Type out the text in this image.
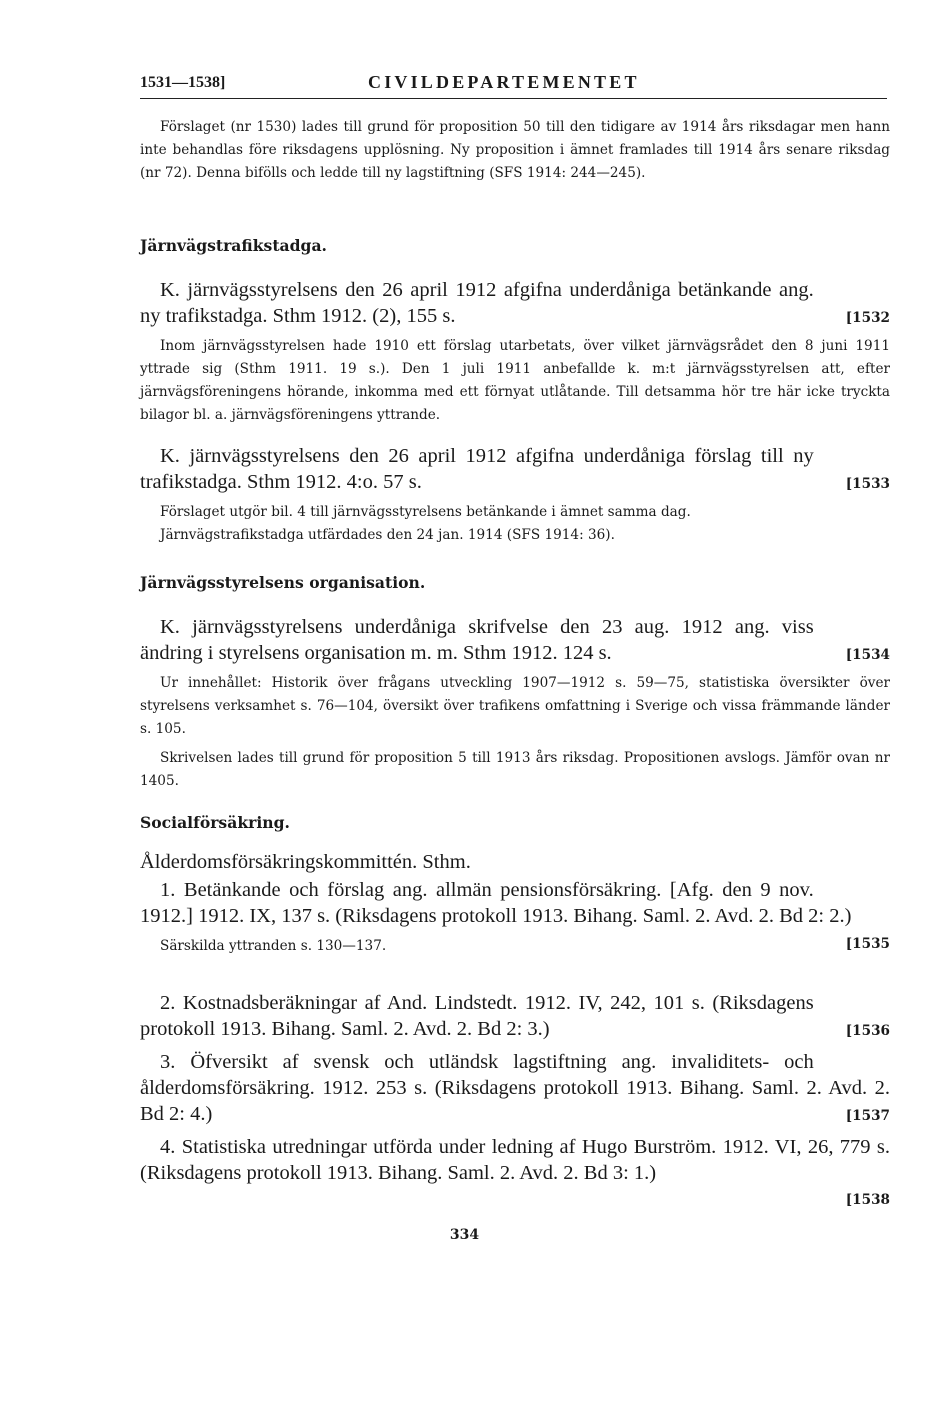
1531—1538]	CIVILDEPARTEMENTET

Förslaget (nr 1530) lades till grund för proposition 50 till den tidigare av 1914 års riksdagar men hann inte behandlas före riksdagens upplösning. Ny proposition i ämnet framlades till 1914 års senare riksdag (nr 72). Denna bifölls och ledde till ny lagstiftning (SFS 1914: 244—245).

Järnvägstrafikstadga.

[1532
K. järnvägsstyrelsens den 26 april 1912 afgifna underdåniga betänkande ang. ny trafikstadga. Sthm 1912. (2), 155 s.

Inom järnvägsstyrelsen hade 1910 ett förslag utarbetats, över vilket järnvägsrådet den 8 juni 1911 yttrade sig (Sthm 1911. 19 s.). Den 1 juli 1911 anbefallde k. m:t järnvägsstyrelsen att, efter järnvägsföreningens hörande, inkomma med ett förnyat utlåtande. Till detsamma hör tre här icke tryckta bilagor bl. a. järnvägsföreningens yttrande.

[1533
K. järnvägsstyrelsens den 26 april 1912 afgifna underdåniga förslag till ny trafikstadga. Sthm 1912. 4:o. 57 s.

Förslaget utgör bil. 4 till järnvägsstyrelsens betänkande i ämnet samma dag.

Järnvägstrafikstadga utfärdades den 24 jan. 1914 (SFS 1914: 36).

Järnvägsstyrelsens organisation.

[1534
K. järnvägsstyrelsens underdåniga skrifvelse den 23 aug. 1912 ang. viss ändring i styrelsens organisation m. m. Sthm 1912. 124 s.

Ur innehållet: Historik över frågans utveckling 1907—1912 s. 59—75, statistiska översikter över styrelsens verksamhet s. 76—104, översikt över trafikens omfattning i Sverige och vissa främmande länder s. 105.

Skrivelsen lades till grund för proposition 5 till 1913 års riksdag. Propositionen avslogs. Jämför ovan nr 1405.

Socialförsäkring.

Ålderdomsförsäkringskommittén. Sthm.

[1535
1. Betänkande och förslag ang. allmän pensionsförsäkring. [Afg. den 9 nov. 1912.] 1912. IX, 137 s. (Riksdagens protokoll 1913. Bihang. Saml. 2. Avd. 2. Bd 2: 2.)

Särskilda yttranden s. 130—137.

[1536
2. Kostnadsberäkningar af And. Lindstedt. 1912. IV, 242, 101 s. (Riksdagens protokoll 1913. Bihang. Saml. 2. Avd. 2. Bd 2: 3.)

[1537
3. Öfversikt af svensk och utländsk lagstiftning ang. invaliditets- och ålderdomsförsäkring. 1912. 253 s. (Riksdagens protokoll 1913. Bihang. Saml. 2. Avd. 2. Bd 2: 4.)

4. Statistiska utredningar utförda under ledning af Hugo Burström. 1912. VI, 26, 779 s. (Riksdagens protokoll 1913. Bihang. Saml. 2. Avd. 2. Bd 3: 1.)

[1538
334
